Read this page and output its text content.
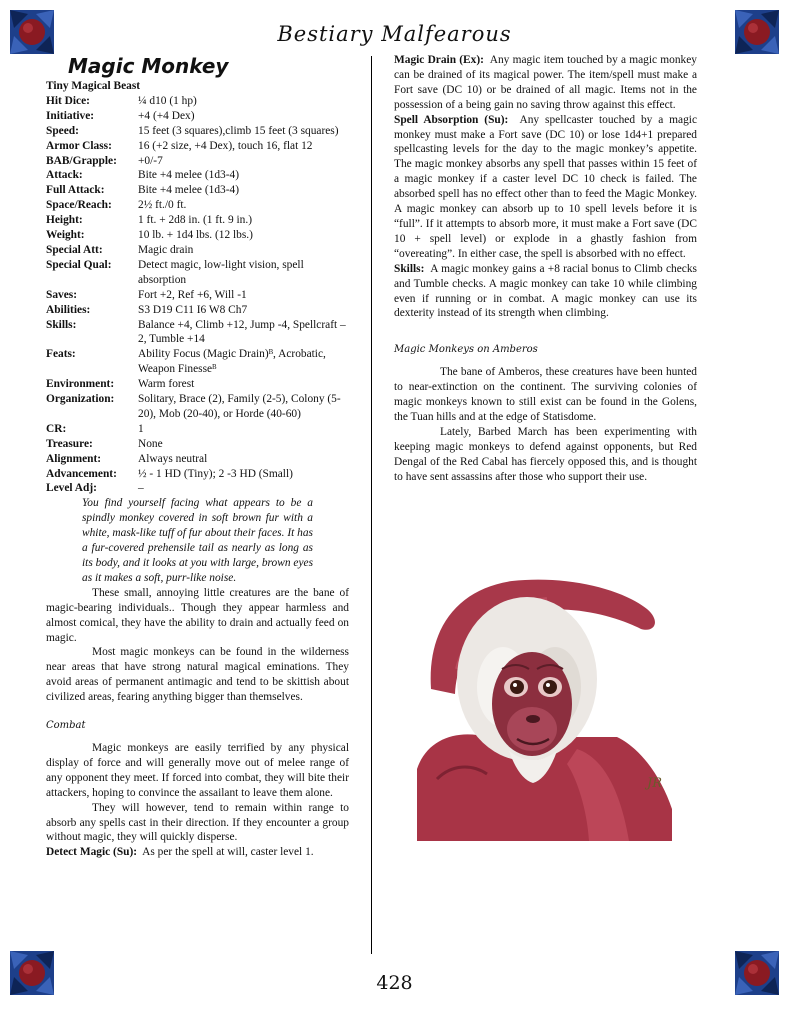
Bestiary Malfearous
Magic Monkey
Tiny Magical Beast
Hit Dice:	¼ d10 (1 hp)
Initiative:	+4 (+4 Dex)
Speed:	15 feet (3 squares),climb 15 feet (3 squares)
Armor Class:	16 (+2 size, +4 Dex), touch 16, flat 12
BAB/Grapple:	+0/-7
Attack:	Bite +4 melee (1d3-4)
Full Attack:	Bite +4 melee (1d3-4)
Space/Reach:	2½ ft./0 ft.
Height:	1 ft. + 2d8 in. (1 ft. 9 in.)
Weight:	10 lb. + 1d4 lbs. (12 lbs.)
Special Att:	Magic drain
Special Qual:	Detect magic, low-light vision, spell absorption
Saves:	Fort +2, Ref +6, Will -1
Abilities:	S3 D19 C11 I6 W8 Ch7
Skills:	Balance +4, Climb +12, Jump -4, Spellcraft –2, Tumble +14
Feats:	Ability Focus (Magic Drain)ᴮ, Acrobatic, Weapon Finesseᴮ
Environment:	Warm forest
Organization:	Solitary, Brace (2), Family (2-5), Colony (5-20), Mob (20-40), or Horde (40-60)
CR:	1
Treasure:	None
Alignment:	Always neutral
Advancement:	½ - 1 HD (Tiny); 2 -3 HD (Small)
Level Adj:	–

You find yourself facing what appears to be a spindly monkey covered in soft brown fur with a white, mask-like tuff of fur about their faces. It has a fur-covered prehensile tail as nearly as long as its body, and it looks at you with large, brown eyes as it makes a soft, purr-like noise.

These small, annoying little creatures are the bane of magic-bearing individuals.. Though they appear harmless and almost comical, they have the ability to drain and actually feed on magic.

Most magic monkeys can be found in the wilderness near areas that have strong natural magical eminations. They avoid areas of permanent antimagic and tend to be skittish about civilized areas, fearing anything bigger than themselves.

Combat

Magic monkeys are easily terrified by any physical display of force and will generally move out of melee range of any opponent they meet. If forced into combat, they will bite their attackers, hoping to convince the assailant to leave them alone.

They will however, tend to remain within range to absorb any spells cast in their direction. If they encounter a group without magic, they will quickly disperse.

Detect Magic (Su): As per the spell at will, caster level 1.

Magic Drain (Ex): Any magic item touched by a magic monkey can be drained of its magical power. The item/spell must make a Fort save (DC 10) or be drained of all magic. Items not in the possession of a being gain no saving throw against this effect.

Spell Absorption (Su): Any spellcaster touched by a magic monkey must make a Fort save (DC 10) or lose 1d4+1 prepared spellcasting levels for the day to the magic monkey’s appetite. The magic monkey absorbs any spell that passes within 15 feet of a magic monkey if a caster level DC 10 check is failed. The absorbed spell has no effect other than to feed the Magic Monkey. A magic monkey can absorb up to 10 spell levels before it is “full”. If it attempts to absorb more, it must make a Fort save (DC 10 + spell level) or explode in a ghastly fashion from “overeating”. In either case, the spell is absorbed with no effect.

Skills: A magic monkey gains a +8 racial bonus to Climb checks and Tumble checks. A magic monkey can take 10 while climbing even if running or in combat. A magic monkey can use its dexterity instead of its strength when climbing.

Magic Monkeys on Amberos

The bane of Amberos, these creatures have been hunted to near-extinction on the continent. The surviving colonies of magic monkeys known to still exist can be found in the Golens, the Tuan hills and at the edge of Statisdome.

Lately, Barbed March has been experimenting with keeping magic monkeys to defend against opponents, but Red Dengal of the Red Cabal has fiercely opposed this, and is thought to have sent assassins after those who support their use.

JR
428
